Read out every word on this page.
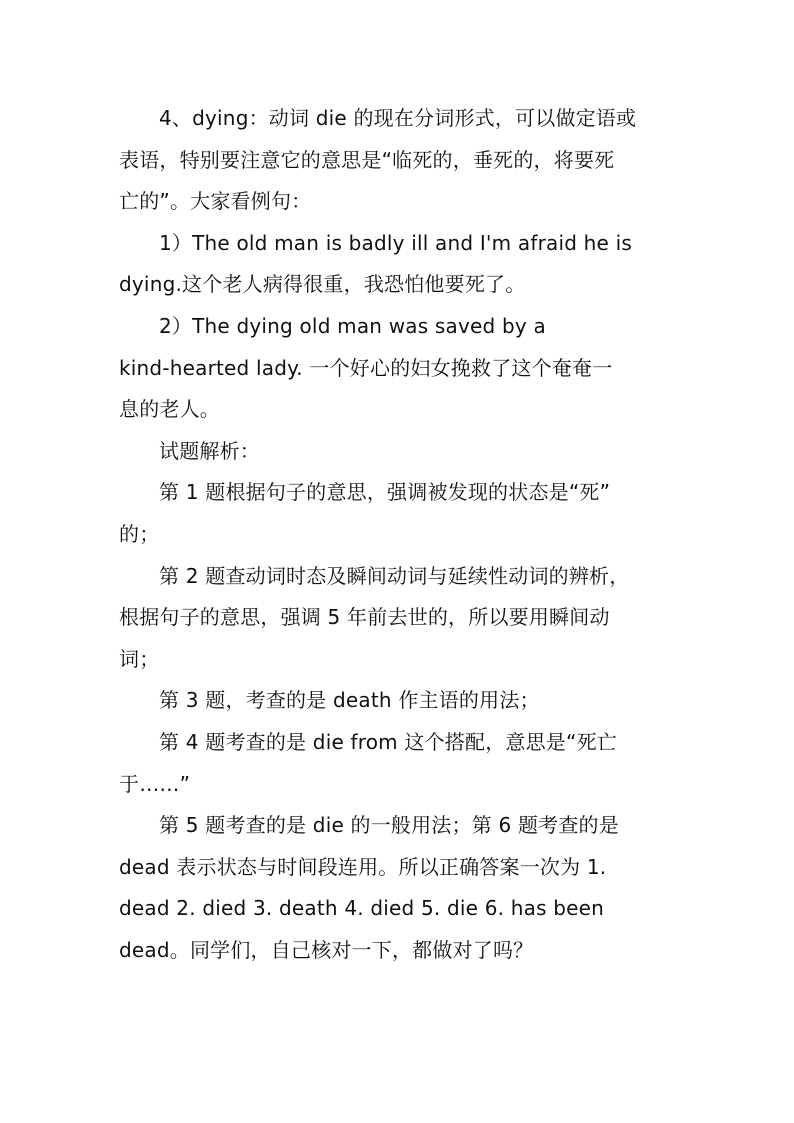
4、dying：动词 die 的现在分词形式，可以做定语或
表语，特别要注意它的意思是“临死的，垂死的，将要死
亡的”。大家看例句：
1）The old man is badly ill and I'm afraid he is
dying.这个老人病得很重，我恐怕他要死了。
2）The dying old man was saved by a
kind-hearted lady. 一个好心的妇女挽救了这个奄奄一
息的老人。
试题解析：
第 1 题根据句子的意思，强调被发现的状态是“死”
的；
第 2 题查动词时态及瞬间动词与延续性动词的辨析，
根据句子的意思，强调 5 年前去世的，所以要用瞬间动
词；
第 3 题，考查的是 death 作主语的用法；
第 4 题考查的是 die from 这个搭配，意思是“死亡
于……”
第 5 题考查的是 die 的一般用法；第 6 题考查的是
dead 表示状态与时间段连用。所以正确答案一次为 1.
dead 2. died 3. death 4. died 5. die 6. has been
dead。同学们，自己核对一下，都做对了吗？
